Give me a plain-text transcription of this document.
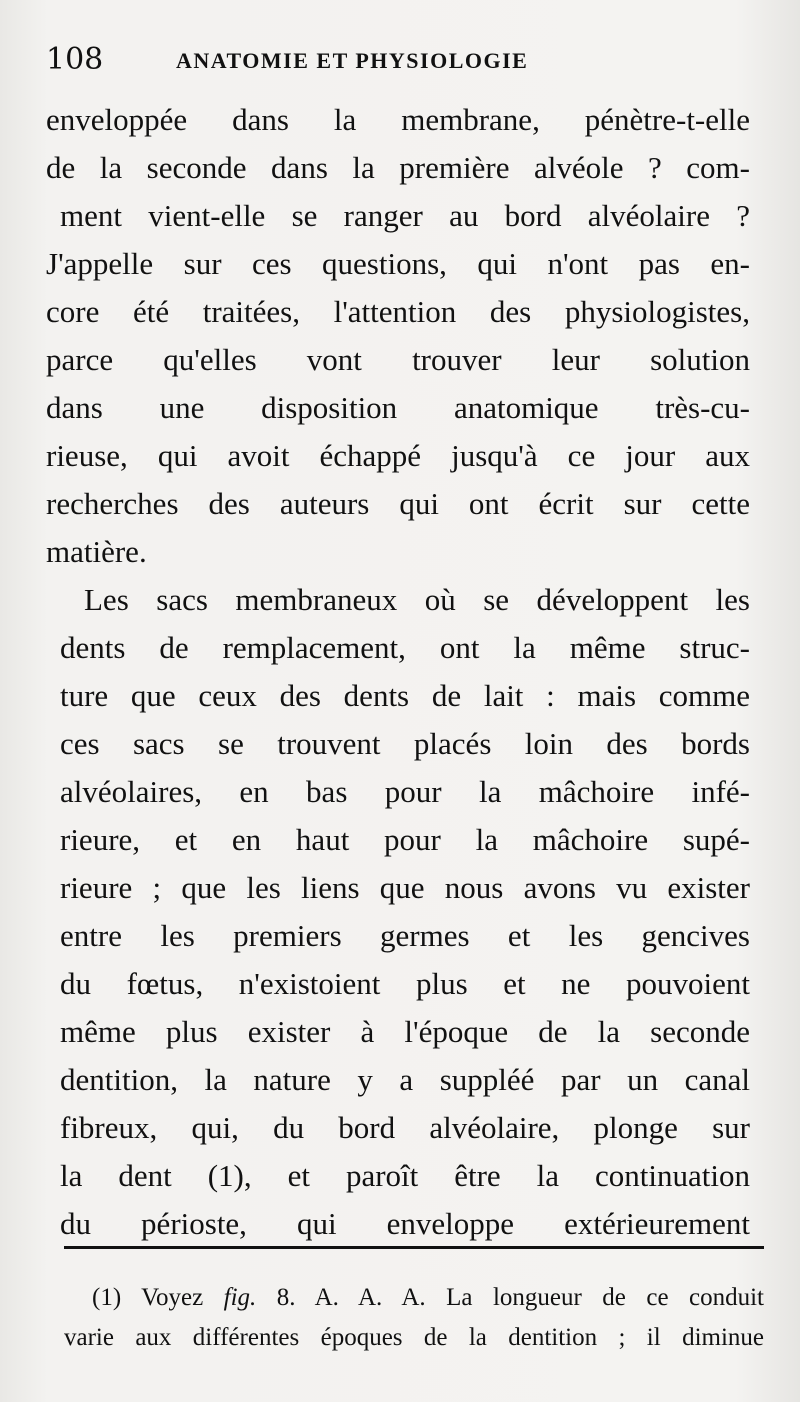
108	ANATOMIE ET PHYSIOLOGIE
enveloppée dans la membrane, pénètre-t-elle
de la seconde dans la première alvéole ? com-
ment vient-elle se ranger au bord alvéolaire ?
J'appelle sur ces questions, qui n'ont pas en-
core été traitées, l'attention des physiologistes,
parce qu'elles vont trouver leur solution
dans une disposition anatomique très-cu-
rieuse, qui avoit échappé jusqu'à ce jour aux
recherches des auteurs qui ont écrit sur cette
matière.
Les sacs membraneux où se développent les
dents de remplacement, ont la même struc-
ture que ceux des dents de lait : mais comme
ces sacs se trouvent placés loin des bords
alvéolaires, en bas pour la mâchoire infé-
rieure, et en haut pour la mâchoire supé-
rieure ; que les liens que nous avons vu exister
entre les premiers germes et les gencives
du fœtus, n'existoient plus et ne pouvoient
même plus exister à l'époque de la seconde
dentition, la nature y a suppléé par un canal
fibreux, qui, du bord alvéolaire, plonge sur
la dent (1), et paroît être la continuation
du périoste, qui enveloppe extérieurement
(1) Voyez fig. 8. A. A. A. La longueur de ce conduit
varie aux différentes époques de la dentition ; il diminue
